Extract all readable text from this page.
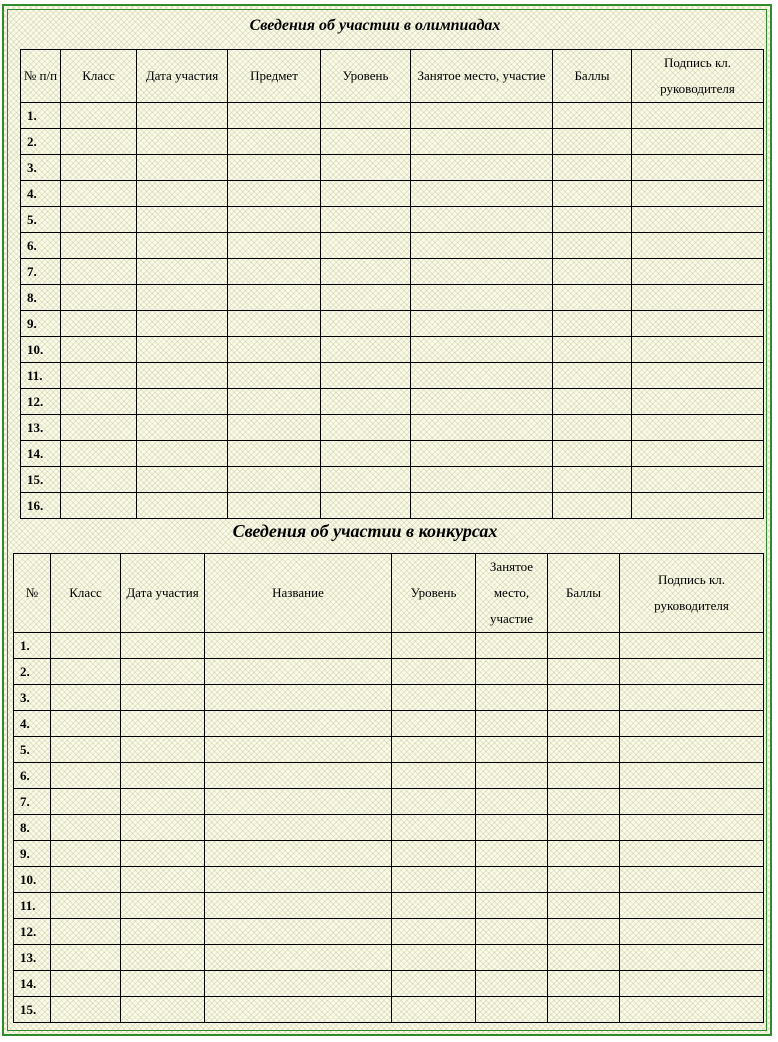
Сведения об участии в олимпиадах
№ п/п	Класс	Дата участия	Предмет	Уровень	Занятое место, участие	Баллы	Подпись кл. руководителя
1.							
2.							
3.							
4.							
5.							
6.							
7.							
8.							
9.							
10.							
11.							
12.							
13.							
14.							
15.							
16.							
Сведения об участии в конкурсах
№	Класс	Дата участия	Название	Уровень	Занятое место, участие	Баллы	Подпись кл. руководителя
1.							
2.							
3.							
4.							
5.							
6.							
7.							
8.							
9.							
10.							
11.							
12.							
13.							
14.							
15.							
